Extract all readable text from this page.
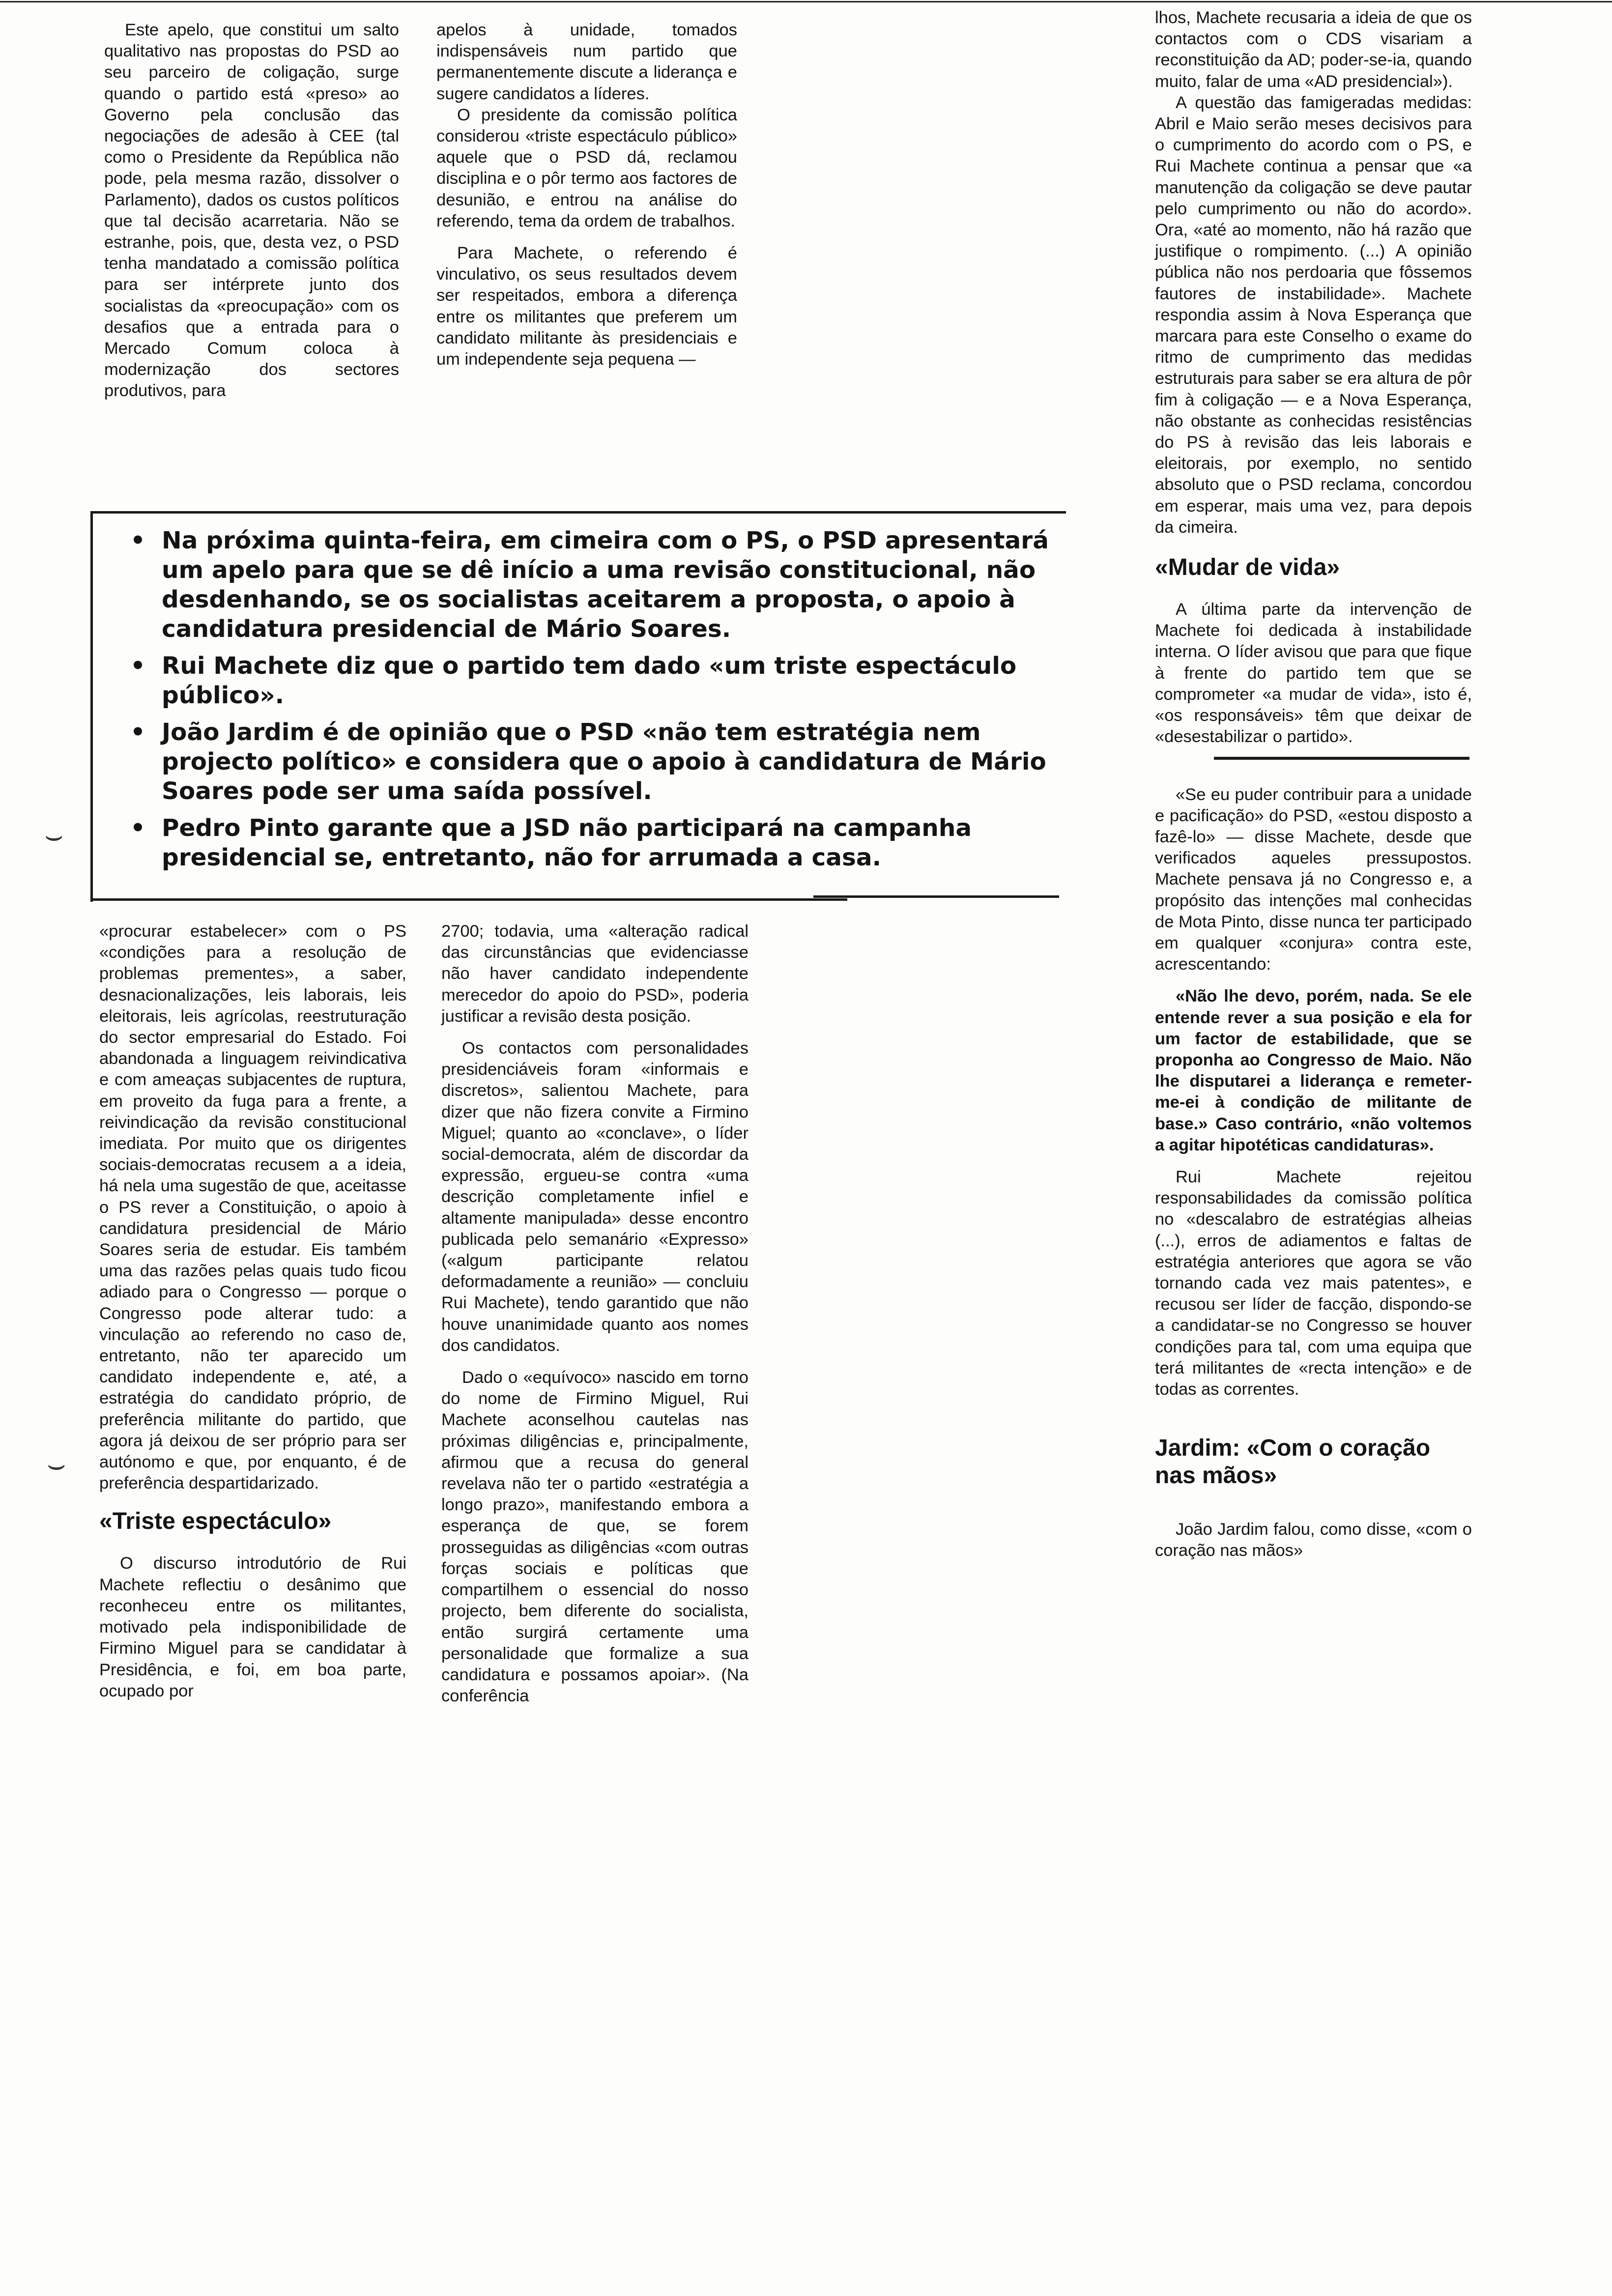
Este apelo, que constitui um salto qualitativo nas propostas do PSD ao seu parceiro de coligação, surge quando o partido está «preso» ao Governo pela conclusão das negociações de adesão à CEE (tal como o Presidente da República não pode, pela mesma razão, dissolver o Parlamento), dados os custos políticos que tal decisão acarretaria. Não se estranhe, pois, que, desta vez, o PSD tenha mandatado a comissão política para ser intérprete junto dos socialistas da «preocupação» com os desafios que a entrada para o Mercado Comum coloca à modernização dos sectores produtivos, para

apelos à unidade, tomados indispensáveis num partido que permanentemente discute a liderança e sugere candidatos a líderes.

O presidente da comissão política considerou «triste espectáculo público» aquele que o PSD dá, reclamou disciplina e o pôr termo aos factores de desunião, e entrou na análise do referendo, tema da ordem de trabalhos.

Para Machete, o referendo é vinculativo, os seus resultados devem ser respeitados, embora a diferença entre os militantes que preferem um candidato militante às presidenciais e um independente seja pequena —

• Na próxima quinta-feira, em cimeira com o PS, o PSD apresentará um apelo para que se dê início a uma revisão constitucional, não desdenhando, se os socialistas aceitarem a proposta, o apoio à candidatura presidencial de Mário Soares.
• Rui Machete diz que o partido tem dado «um triste espectáculo público».
• João Jardim é de opinião que o PSD «não tem estratégia nem projecto político» e considera que o apoio à candidatura de Mário Soares pode ser uma saída possível.
• Pedro Pinto garante que a JSD não participará na campanha presidencial se, entretanto, não for arrumada a casa.

«procurar estabelecer» com o PS «condições para a resolução de problemas prementes», a saber, desnacionalizações, leis laborais, leis eleitorais, leis agrícolas, reestruturação do sector empresarial do Estado. Foi abandonada a linguagem reivindicativa e com ameaças subjacentes de ruptura, em proveito da fuga para a frente, a reivindicação da revisão constitucional imediata. Por muito que os dirigentes sociais-democratas recusem a a ideia, há nela uma sugestão de que, aceitasse o PS rever a Constituição, o apoio à candidatura presidencial de Mário Soares seria de estudar. Eis também uma das razões pelas quais tudo ficou adiado para o Congresso — porque o Congresso pode alterar tudo: a vinculação ao referendo no caso de, entretanto, não ter aparecido um candidato independente e, até, a estratégia do candidato próprio, de preferência militante do partido, que agora já deixou de ser próprio para ser autónomo e que, por enquanto, é de preferência despartidarizado.

«Triste espectáculo»

O discurso introdutório de Rui Machete reflectiu o desânimo que reconheceu entre os militantes, motivado pela indisponibilidade de Firmino Miguel para se candidatar à Presidência, e foi, em boa parte, ocupado por

2700; todavia, uma «alteração radical das circunstâncias que evidenciasse não haver candidato independente merecedor do apoio do PSD», poderia justificar a revisão desta posição.

Os contactos com personalidades presidenciáveis foram «informais e discretos», salientou Machete, para dizer que não fizera convite a Firmino Miguel; quanto ao «conclave», o líder social-democrata, além de discordar da expressão, ergueu-se contra «uma descrição completamente infiel e altamente manipulada» desse encontro publicada pelo semanário «Expresso» («algum participante relatou deformadamente a reunião» — concluiu Rui Machete), tendo garantido que não houve unanimidade quanto aos nomes dos candidatos.

Dado o «equívoco» nascido em torno do nome de Firmino Miguel, Rui Machete aconselhou cautelas nas próximas diligências e, principalmente, afirmou que a recusa do general revelava não ter o partido «estratégia a longo prazo», manifestando embora a esperança de que, se forem prosseguidas as diligências «com outras forças sociais e políticas que compartilhem o essencial do nosso projecto, bem diferente do socialista, então surgirá certamente uma personalidade que formalize a sua candidatura e possamos apoiar». (Na conferência

lhos, Machete recusaria a ideia de que os contactos com o CDS visariam a reconstituição da AD; poder-se-ia, quando muito, falar de uma «AD presidencial»).

A questão das famigeradas medidas: Abril e Maio serão meses decisivos para o cumprimento do acordo com o PS, e Rui Machete continua a pensar que «a manutenção da coligação se deve pautar pelo cumprimento ou não do acordo». Ora, «até ao momento, não há razão que justifique o rompimento. (...) A opinião pública não nos perdoaria que fôssemos fautores de instabilidade». Machete respondia assim à Nova Esperança que marcara para este Conselho o exame do ritmo de cumprimento das medidas estruturais para saber se era altura de pôr fim à coligação — e a Nova Esperança, não obstante as conhecidas resistências do PS à revisão das leis laborais e eleitorais, por exemplo, no sentido absoluto que o PSD reclama, concordou em esperar, mais uma vez, para depois da cimeira.

«Mudar de vida»

A última parte da intervenção de Machete foi dedicada à instabilidade interna. O líder avisou que para que fique à frente do partido tem que se comprometer «a mudar de vida», isto é, «os responsáveis» têm que deixar de «desestabilizar o partido».

«Se eu puder contribuir para a unidade e pacificação» do PSD, «estou disposto a fazê-lo» — disse Machete, desde que verificados aqueles pressupostos. Machete pensava já no Congresso e, a propósito das intenções mal conhecidas de Mota Pinto, disse nunca ter participado em qualquer «conjura» contra este, acrescentando:

«Não lhe devo, porém, nada. Se ele entende rever a sua posição e ela for um factor de estabilidade, que se proponha ao Congresso de Maio. Não lhe disputarei a liderança e remeter-me-ei à condição de militante de base.» Caso contrário, «não voltemos a agitar hipotéticas candidaturas».

Rui Machete rejeitou responsabilidades da comissão política no «descalabro de estratégias alheias (...), erros de adiamentos e faltas de estratégia anteriores que agora se vão tornando cada vez mais patentes», e recusou ser líder de facção, dispondo-se a candidatar-se no Congresso se houver condições para tal, com uma equipa que terá militantes de «recta intenção» e de todas as correntes.

Jardim: «Com o coração nas mãos»

João Jardim falou, como disse, «com o coração nas mãos»

⌣
⌣
